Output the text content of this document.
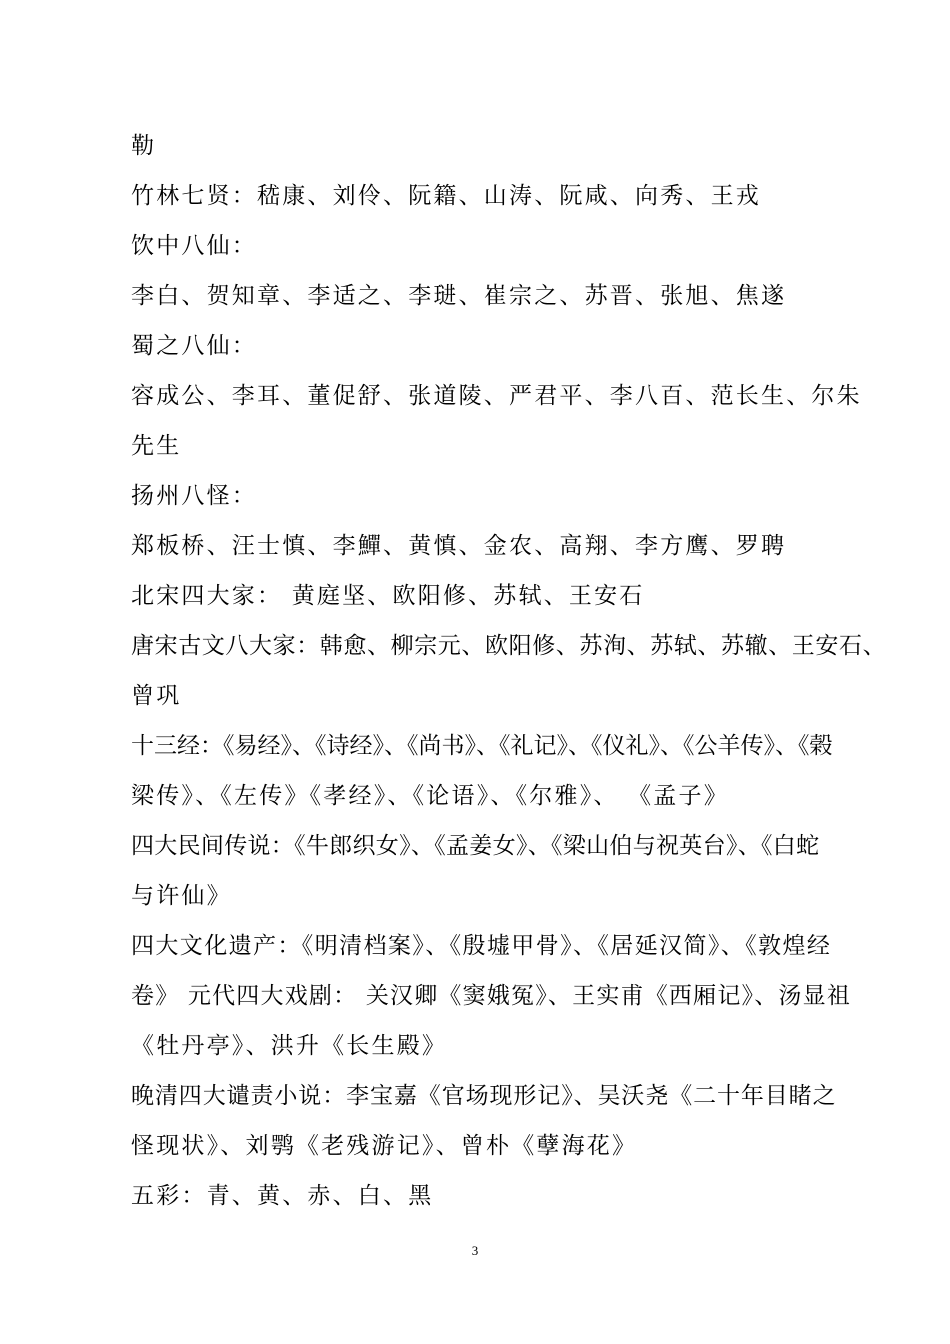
勒
竹林七贤：嵇康、刘伶、阮籍、山涛、阮咸、向秀、王戎
饮中八仙：
李白、贺知章、李适之、李琎、崔宗之、苏晋、张旭、焦遂
蜀之八仙：
容成公、李耳、董促舒、张道陵、严君平、李八百、范长生、尔朱
先生
扬州八怪：
郑板桥、汪士慎、李鱓、黄慎、金农、高翔、李方鹰、罗聘
北宋四大家： 黄庭坚、欧阳修、苏轼、王安石
唐宋古文八大家：韩愈、柳宗元、欧阳修、苏洵、苏轼、苏辙、王安石、
曾巩
十三经：《易经》、《诗经》、《尚书》、《礼记》、《仪礼》、《公羊传》、《榖
梁传》、《左传》《孝经》、《论语》、《尔雅》、 《孟子》
四大民间传说：《牛郎织女》、《孟姜女》、《梁山伯与祝英台》、《白蛇
与许仙》
四大文化遗产：《明清档案》、《殷墟甲骨》、《居延汉简》、《敦煌经
卷》 元代四大戏剧： 关汉卿《窦娥冤》、王实甫《西厢记》、汤显祖
《牡丹亭》、洪升《长生殿》
晚清四大谴责小说：李宝嘉《官场现形记》、吴沃尧《二十年目睹之
怪现状》、刘鹗《老残游记》、曾朴《孽海花》
五彩：青、黄、赤、白、黑
3
